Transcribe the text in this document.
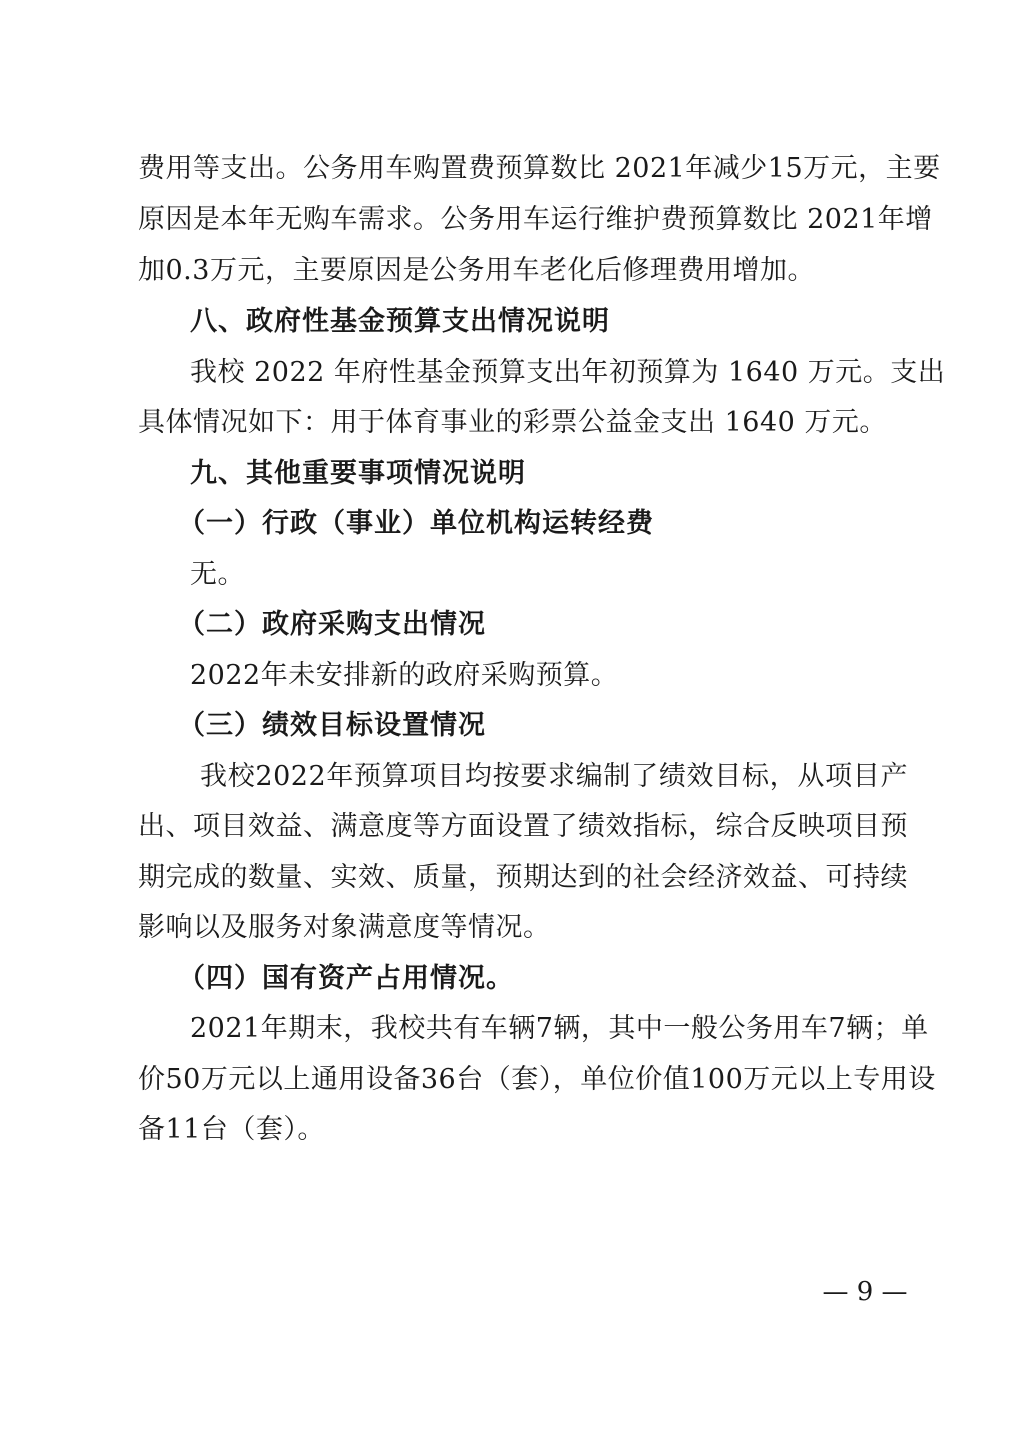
费用等支出。公务用车购置费预算数比 2021年减少15万元，主要
原因是本年无购车需求。公务用车运行维护费预算数比 2021年增
加0.3万元，主要原因是公务用车老化后修理费用增加。
八、政府性基金预算支出情况说明
我校 2022 年府性基金预算支出年初预算为 1640 万元。支出
具体情况如下：用于体育事业的彩票公益金支出 1640 万元。
九、其他重要事项情况说明
（一）行政（事业）单位机构运转经费
无。
（二）政府采购支出情况
2022年未安排新的政府采购预算。
（三）绩效目标设置情况
我校2022年预算项目均按要求编制了绩效目标，从项目产
出、项目效益、满意度等方面设置了绩效指标，综合反映项目预
期完成的数量、实效、质量，预期达到的社会经济效益、可持续
影响以及服务对象满意度等情况。
（四）国有资产占用情况。
2021年期末，我校共有车辆7辆，其中一般公务用车7辆；单
价50万元以上通用设备36台（套），单位价值100万元以上专用设
备11台（套）。
— 9 —
